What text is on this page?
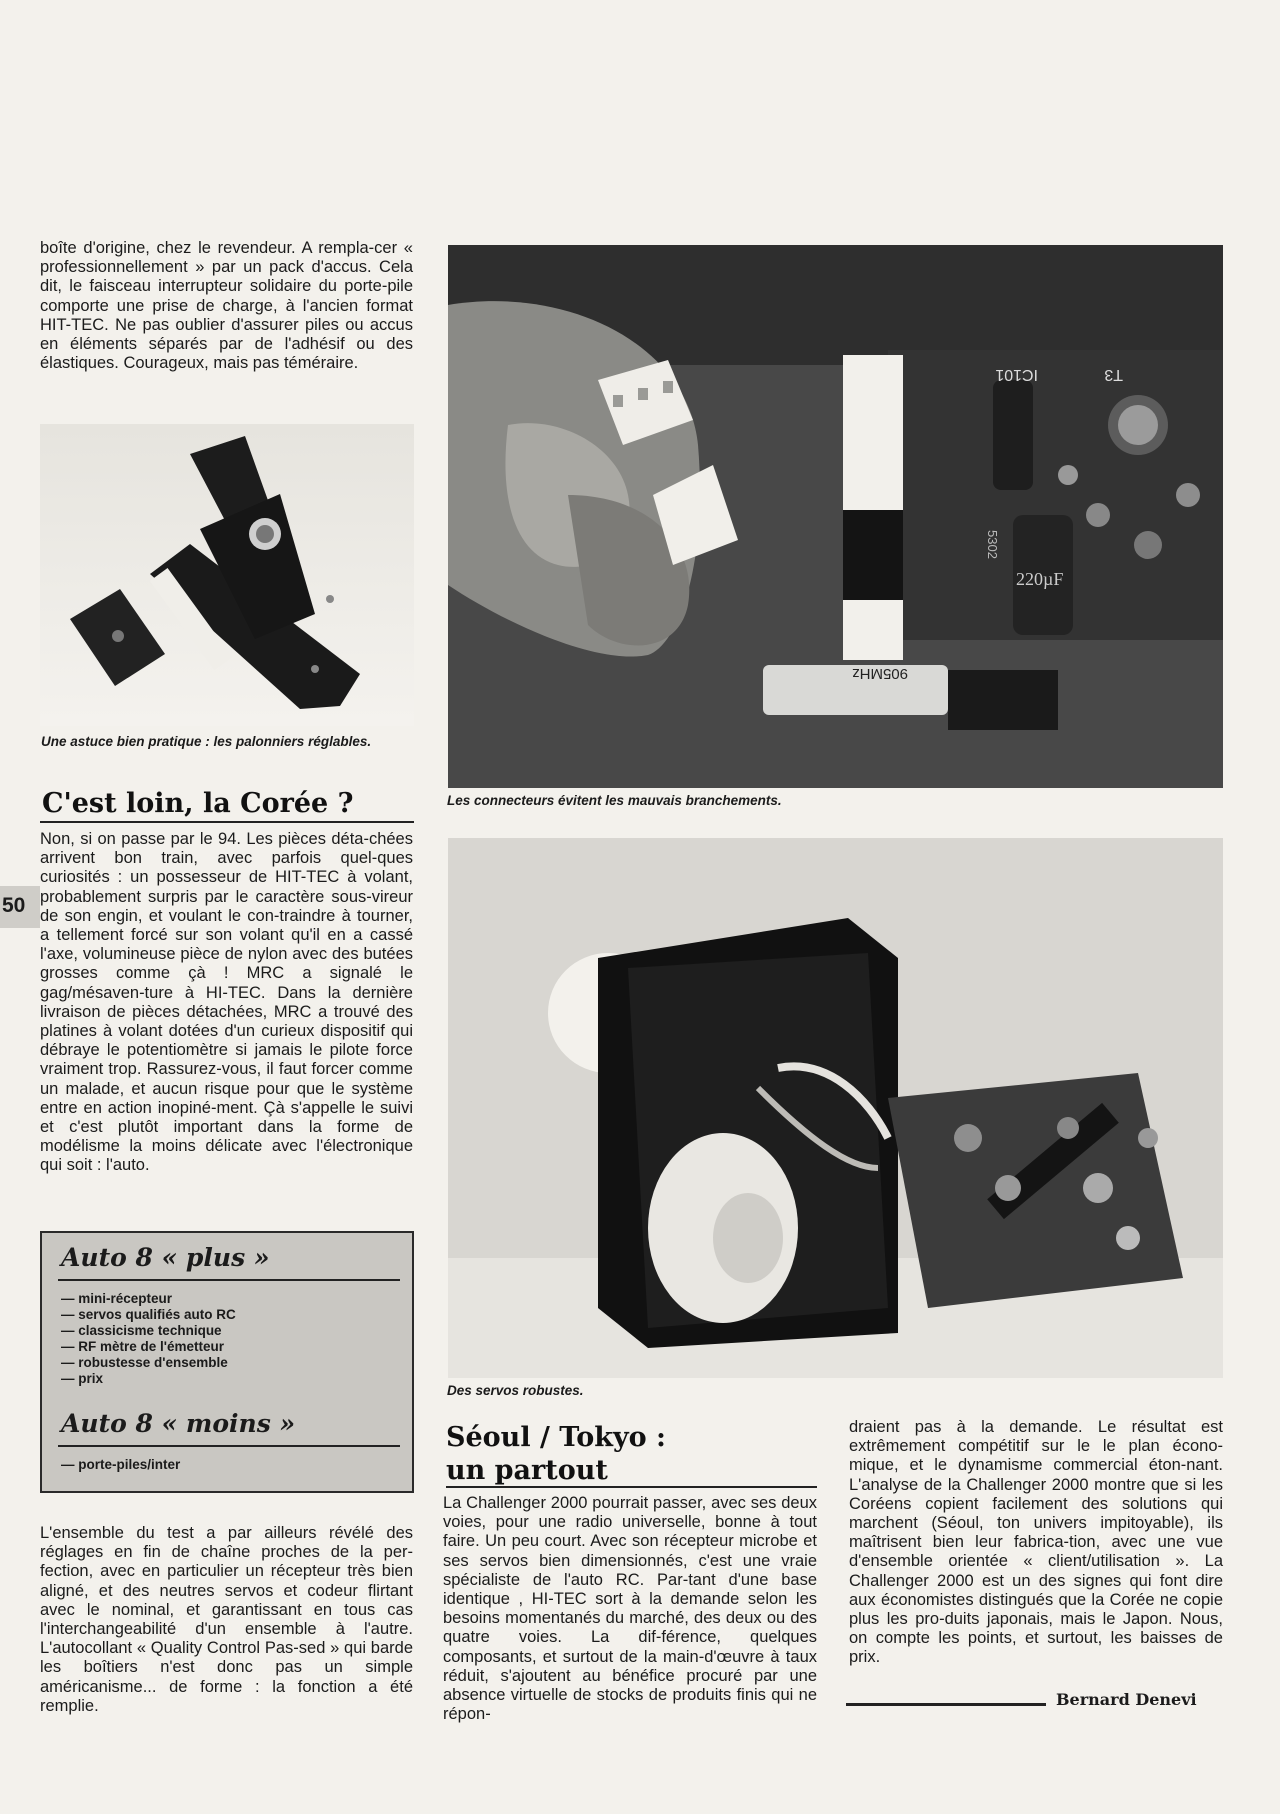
50

boîte d'origine, chez le revendeur. A rempla-cer « professionnellement » par un pack d'accus. Cela dit, le faisceau interrupteur solidaire du porte-pile comporte une prise de charge, à l'ancien format HIT-TEC. Ne pas oublier d'assurer piles ou accus en éléments séparés par de l'adhésif ou des élastiques. Courageux, mais pas téméraire.

Une astuce bien pratique : les palonniers réglables.
IC101	T3
905MHz
220µF
5302
Les connecteurs évitent les mauvais branchements.
C'est loin, la Corée ?

Non, si on passe par le 94. Les pièces déta-chées arrivent bon train, avec parfois quel-ques curiosités : un possesseur de HIT-TEC à volant, probablement surpris par le caractère sous-vireur de son engin, et voulant le con-traindre à tourner, a tellement forcé sur son volant qu'il en a cassé l'axe, volumineuse pièce de nylon avec des butées grosses comme çà ! MRC a signalé le gag/mésaven-ture à HI-TEC. Dans la dernière livraison de pièces détachées, MRC a trouvé des platines à volant dotées d'un curieux dispositif qui débraye le potentiomètre si jamais le pilote force vraiment trop. Rassurez-vous, il faut forcer comme un malade, et aucun risque pour que le système entre en action inopiné-ment. Çà s'appelle le suivi et c'est plutôt important dans la forme de modélisme la moins délicate avec l'électronique qui soit : l'auto.

Auto 8 « plus »
— mini-récepteur
— servos qualifiés auto RC
— classicisme technique
— RF mètre de l'émetteur
— robustesse d'ensemble
— prix
Auto 8 « moins »
— porte-piles/inter

L'ensemble du test a par ailleurs révélé des réglages en fin de chaîne proches de la per-fection, avec en particulier un récepteur très bien aligné, et des neutres servos et codeur flirtant avec le nominal, et garantissant en tous cas l'interchangeabilité d'un ensemble à l'autre. L'autocollant « Quality Control Pas-sed » qui barde les boîtiers n'est donc pas un simple américanisme... de forme : la fonction a été remplie.

Des servos robustes.
Séoul / Tokyo :
un partout

La Challenger 2000 pourrait passer, avec ses deux voies, pour une radio universelle, bonne à tout faire. Un peu court. Avec son récepteur microbe et ses servos bien dimensionnés, c'est une vraie spécialiste de l'auto RC. Par-tant d'une base identique , HI-TEC sort à la demande selon les besoins momentanés du marché, des deux ou des quatre voies. La dif-férence, quelques composants, et surtout de la main-d'œuvre à taux réduit, s'ajoutent au bénéfice procuré par une absence virtuelle de stocks de produits finis qui ne répon-

draient pas à la demande. Le résultat est extrêmement compétitif sur le le plan écono-mique, et le dynamisme commercial éton-nant. L'analyse de la Challenger 2000 montre que si les Coréens copient facilement des solutions qui marchent (Séoul, ton univers impitoyable), ils maîtrisent bien leur fabrica-tion, avec une vue d'ensemble orientée « client/utilisation ». La Challenger 2000 est un des signes qui font dire aux économistes distingués que la Corée ne copie plus les pro-duits japonais, mais le Japon. Nous, on compte les points, et surtout, les baisses de prix.

Bernard Denevi
